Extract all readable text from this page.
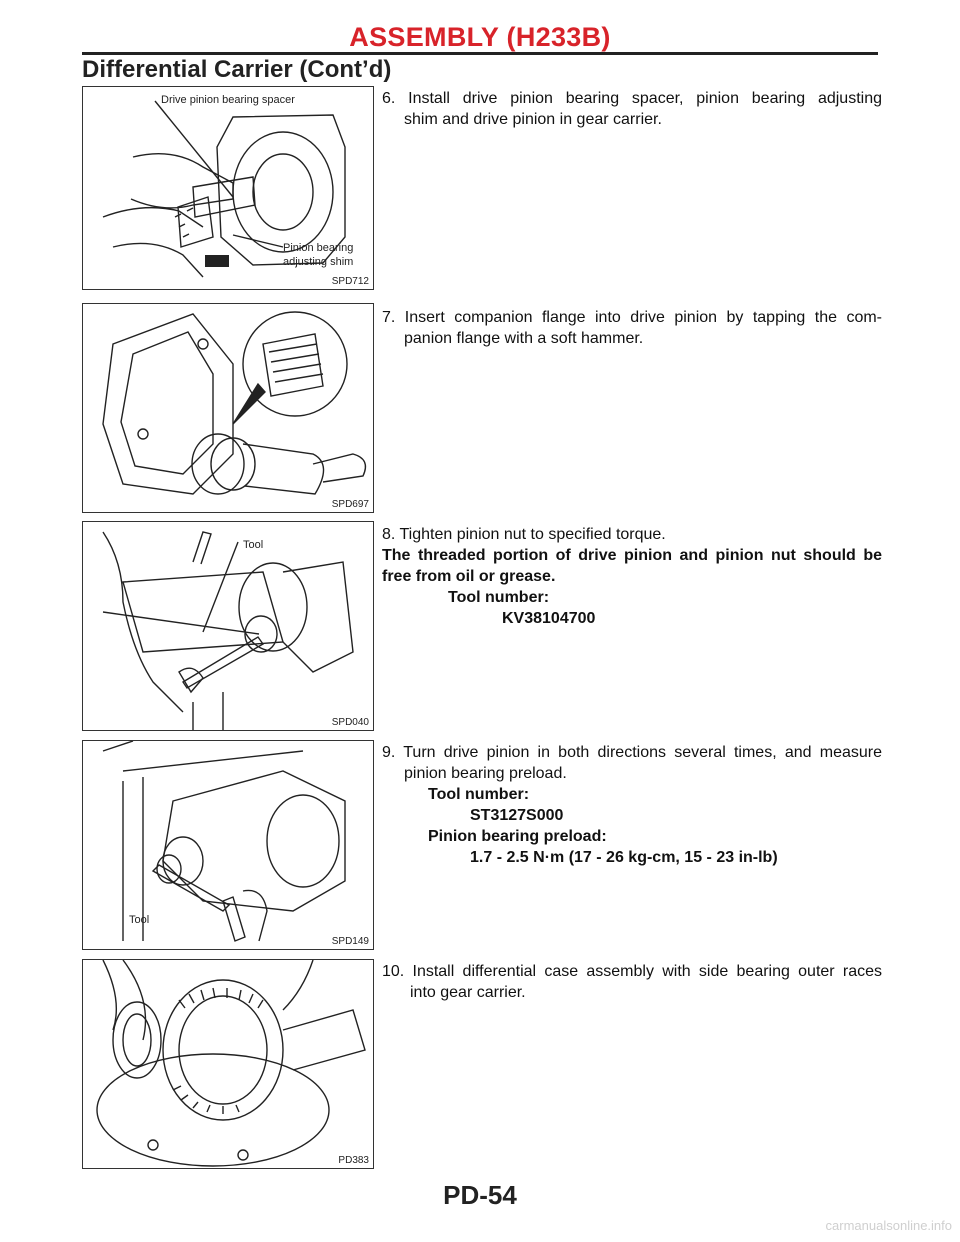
ASSEMBLY (H233B)
Differential Carrier (Cont’d)
Drive pinion bearing spacer
Pinion bearing
adjusting shim
SPD712
SPD697
Tool
SPD040
Tool
SPD149
PD383
6. Install drive pinion bearing spacer, pinion bearing adjusting
shim and drive pinion in gear carrier.
7. Insert companion flange into drive pinion by tapping the com-
panion flange with a soft hammer.
8. Tighten pinion nut to specified torque.
The threaded portion of drive pinion and pinion nut should be
free from oil or grease.
Tool number:
KV38104700
9. Turn drive pinion in both directions several times, and measure
pinion bearing preload.
Tool number:
ST3127S000
Pinion bearing preload:
1.7 - 2.5 N·m (17 - 26 kg-cm, 15 - 23 in-lb)
10. Install differential case assembly with side bearing outer races
into gear carrier.
PD-54
carmanualsonline.info
